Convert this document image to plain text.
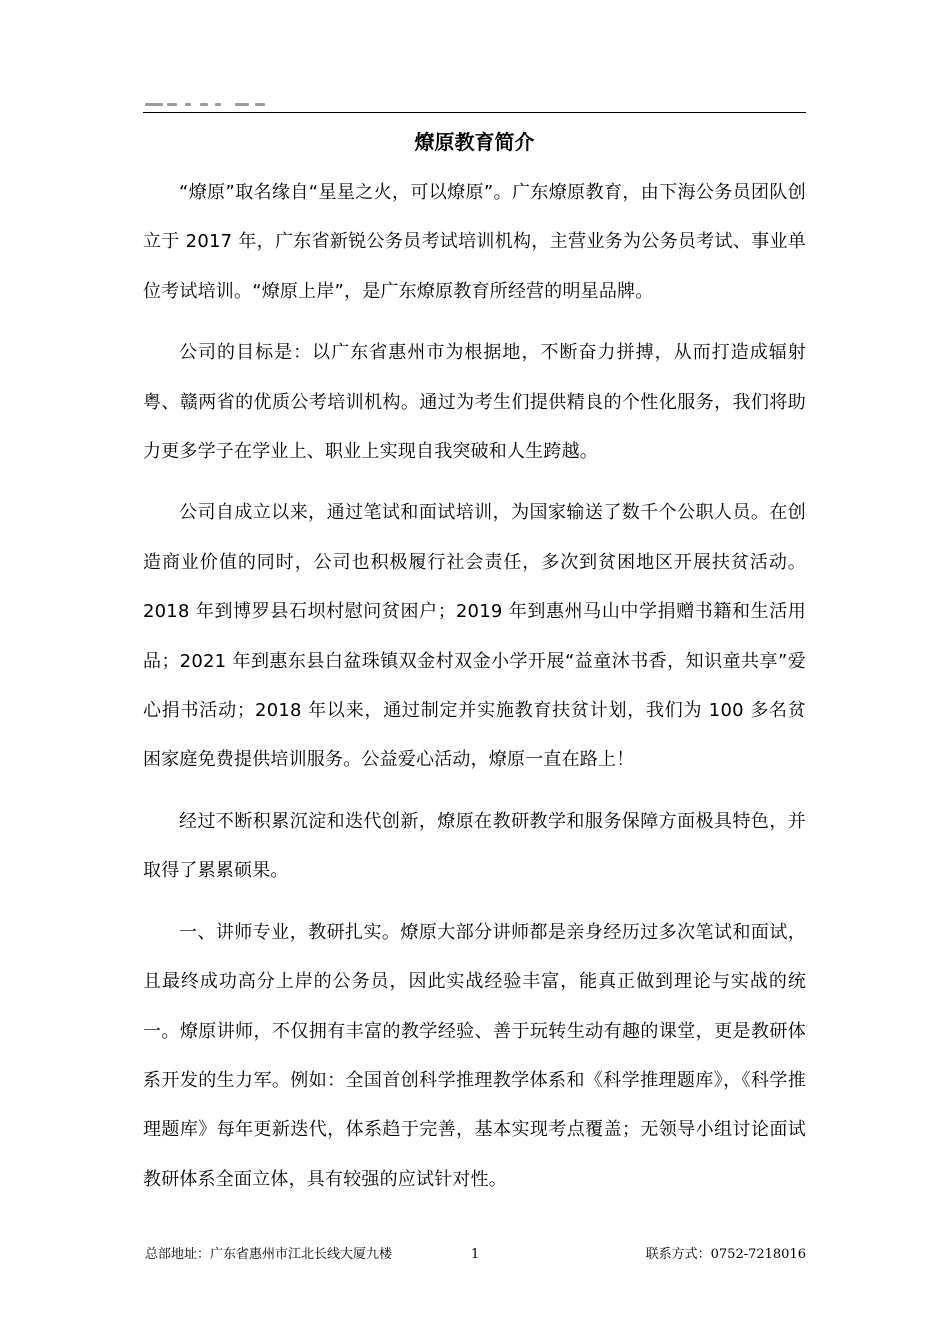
燎原教育简介

“燎原”取名缘自“星星之火，可以燎原”。广东燎原教育，由下海公务员团队创立于 2017 年，广东省新锐公务员考试培训机构，主营业务为公务员考试、事业单位考试培训。“燎原上岸”，是广东燎原教育所经营的明星品牌。

公司的目标是：以广东省惠州市为根据地，不断奋力拼搏，从而打造成辐射粤、赣两省的优质公考培训机构。通过为考生们提供精良的个性化服务，我们将助力更多学子在学业上、职业上实现自我突破和人生跨越。

公司自成立以来，通过笔试和面试培训，为国家输送了数千个公职人员。在创造商业价值的同时，公司也积极履行社会责任，多次到贫困地区开展扶贫活动。2018 年到博罗县石坝村慰问贫困户；2019 年到惠州马山中学捐赠书籍和生活用品；2021 年到惠东县白盆珠镇双金村双金小学开展“益童沐书香，知识童共享”爱心捐书活动；2018 年以来，通过制定并实施教育扶贫计划，我们为 100 多名贫困家庭免费提供培训服务。公益爱心活动，燎原一直在路上！

经过不断积累沉淀和迭代创新，燎原在教研教学和服务保障方面极具特色，并取得了累累硕果。

一、讲师专业，教研扎实。燎原大部分讲师都是亲身经历过多次笔试和面试，且最终成功高分上岸的公务员，因此实战经验丰富，能真正做到理论与实战的统一。燎原讲师，不仅拥有丰富的教学经验、善于玩转生动有趣的课堂，更是教研体系开发的生力军。例如：全国首创科学推理教学体系和《科学推理题库》，《科学推理题库》每年更新迭代，体系趋于完善，基本实现考点覆盖；无领导小组讨论面试教研体系全面立体，具有较强的应试针对性。

总部地址：广东省惠州市江北长线大厦九楼	1	联系方式：0752-7218016
